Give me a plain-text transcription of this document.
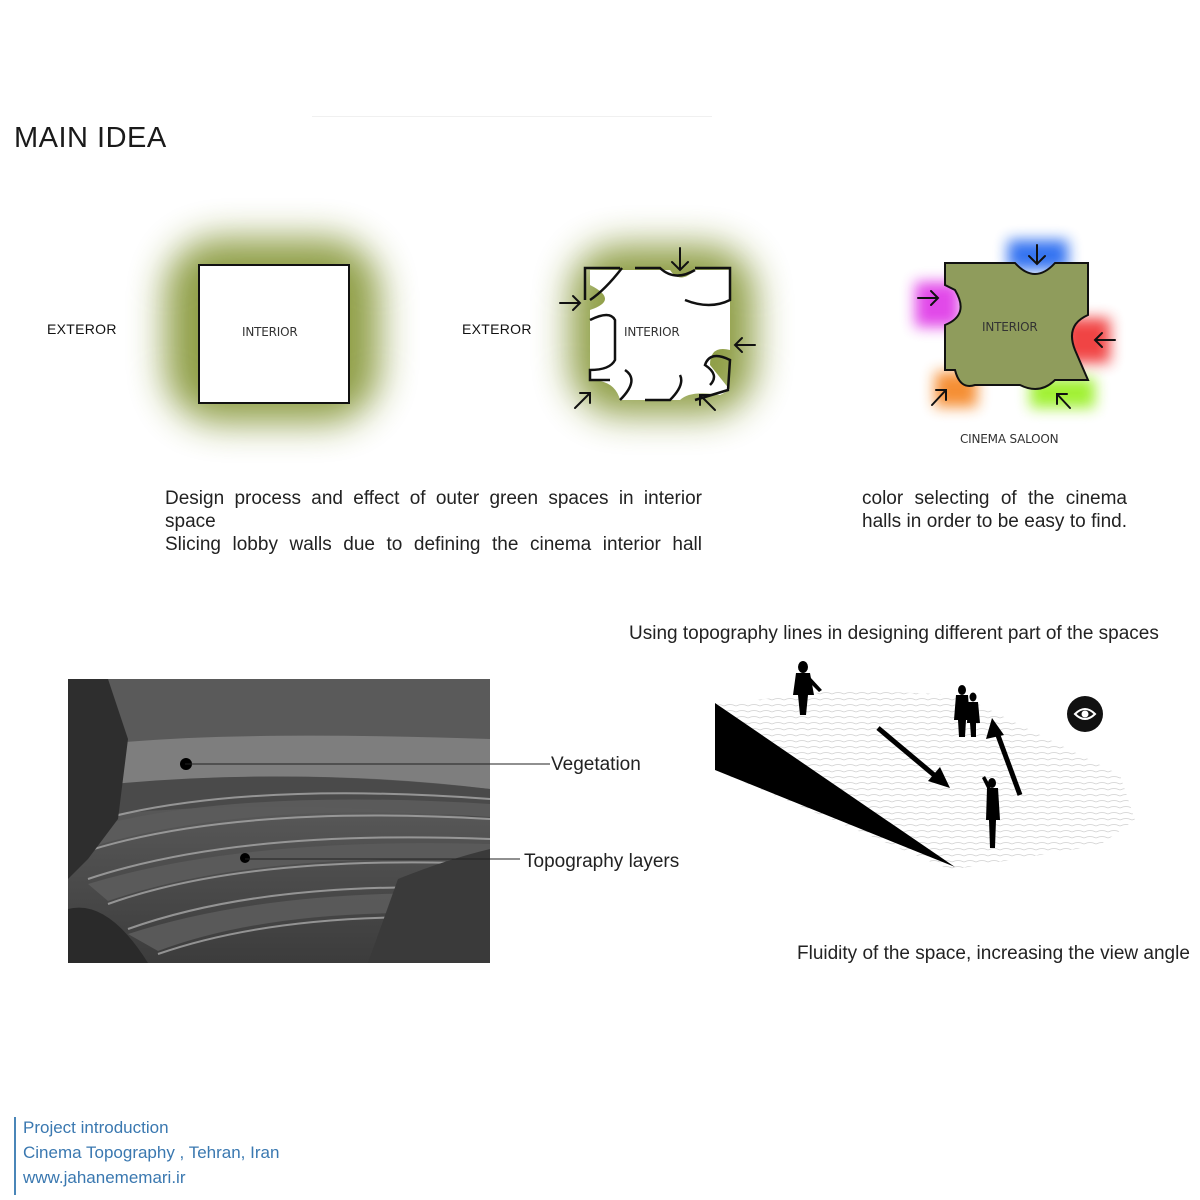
MAIN IDEA
EXTEROR	INTERIOR	EXTEROR	INTERIOR	INTERIOR
CINEMA SALOON
Design process and effect of outer green spaces in interior space
Slicing lobby walls due to defining the cinema interior hall
color selecting of the cinema
halls in order to be easy to find.
Using topography lines in designing different part of the spaces
Vegetation
Topography layers
Fluidity of the space, increasing the view angle
Project introduction
Cinema Topography , Tehran, Iran
www.jahanememari.ir
